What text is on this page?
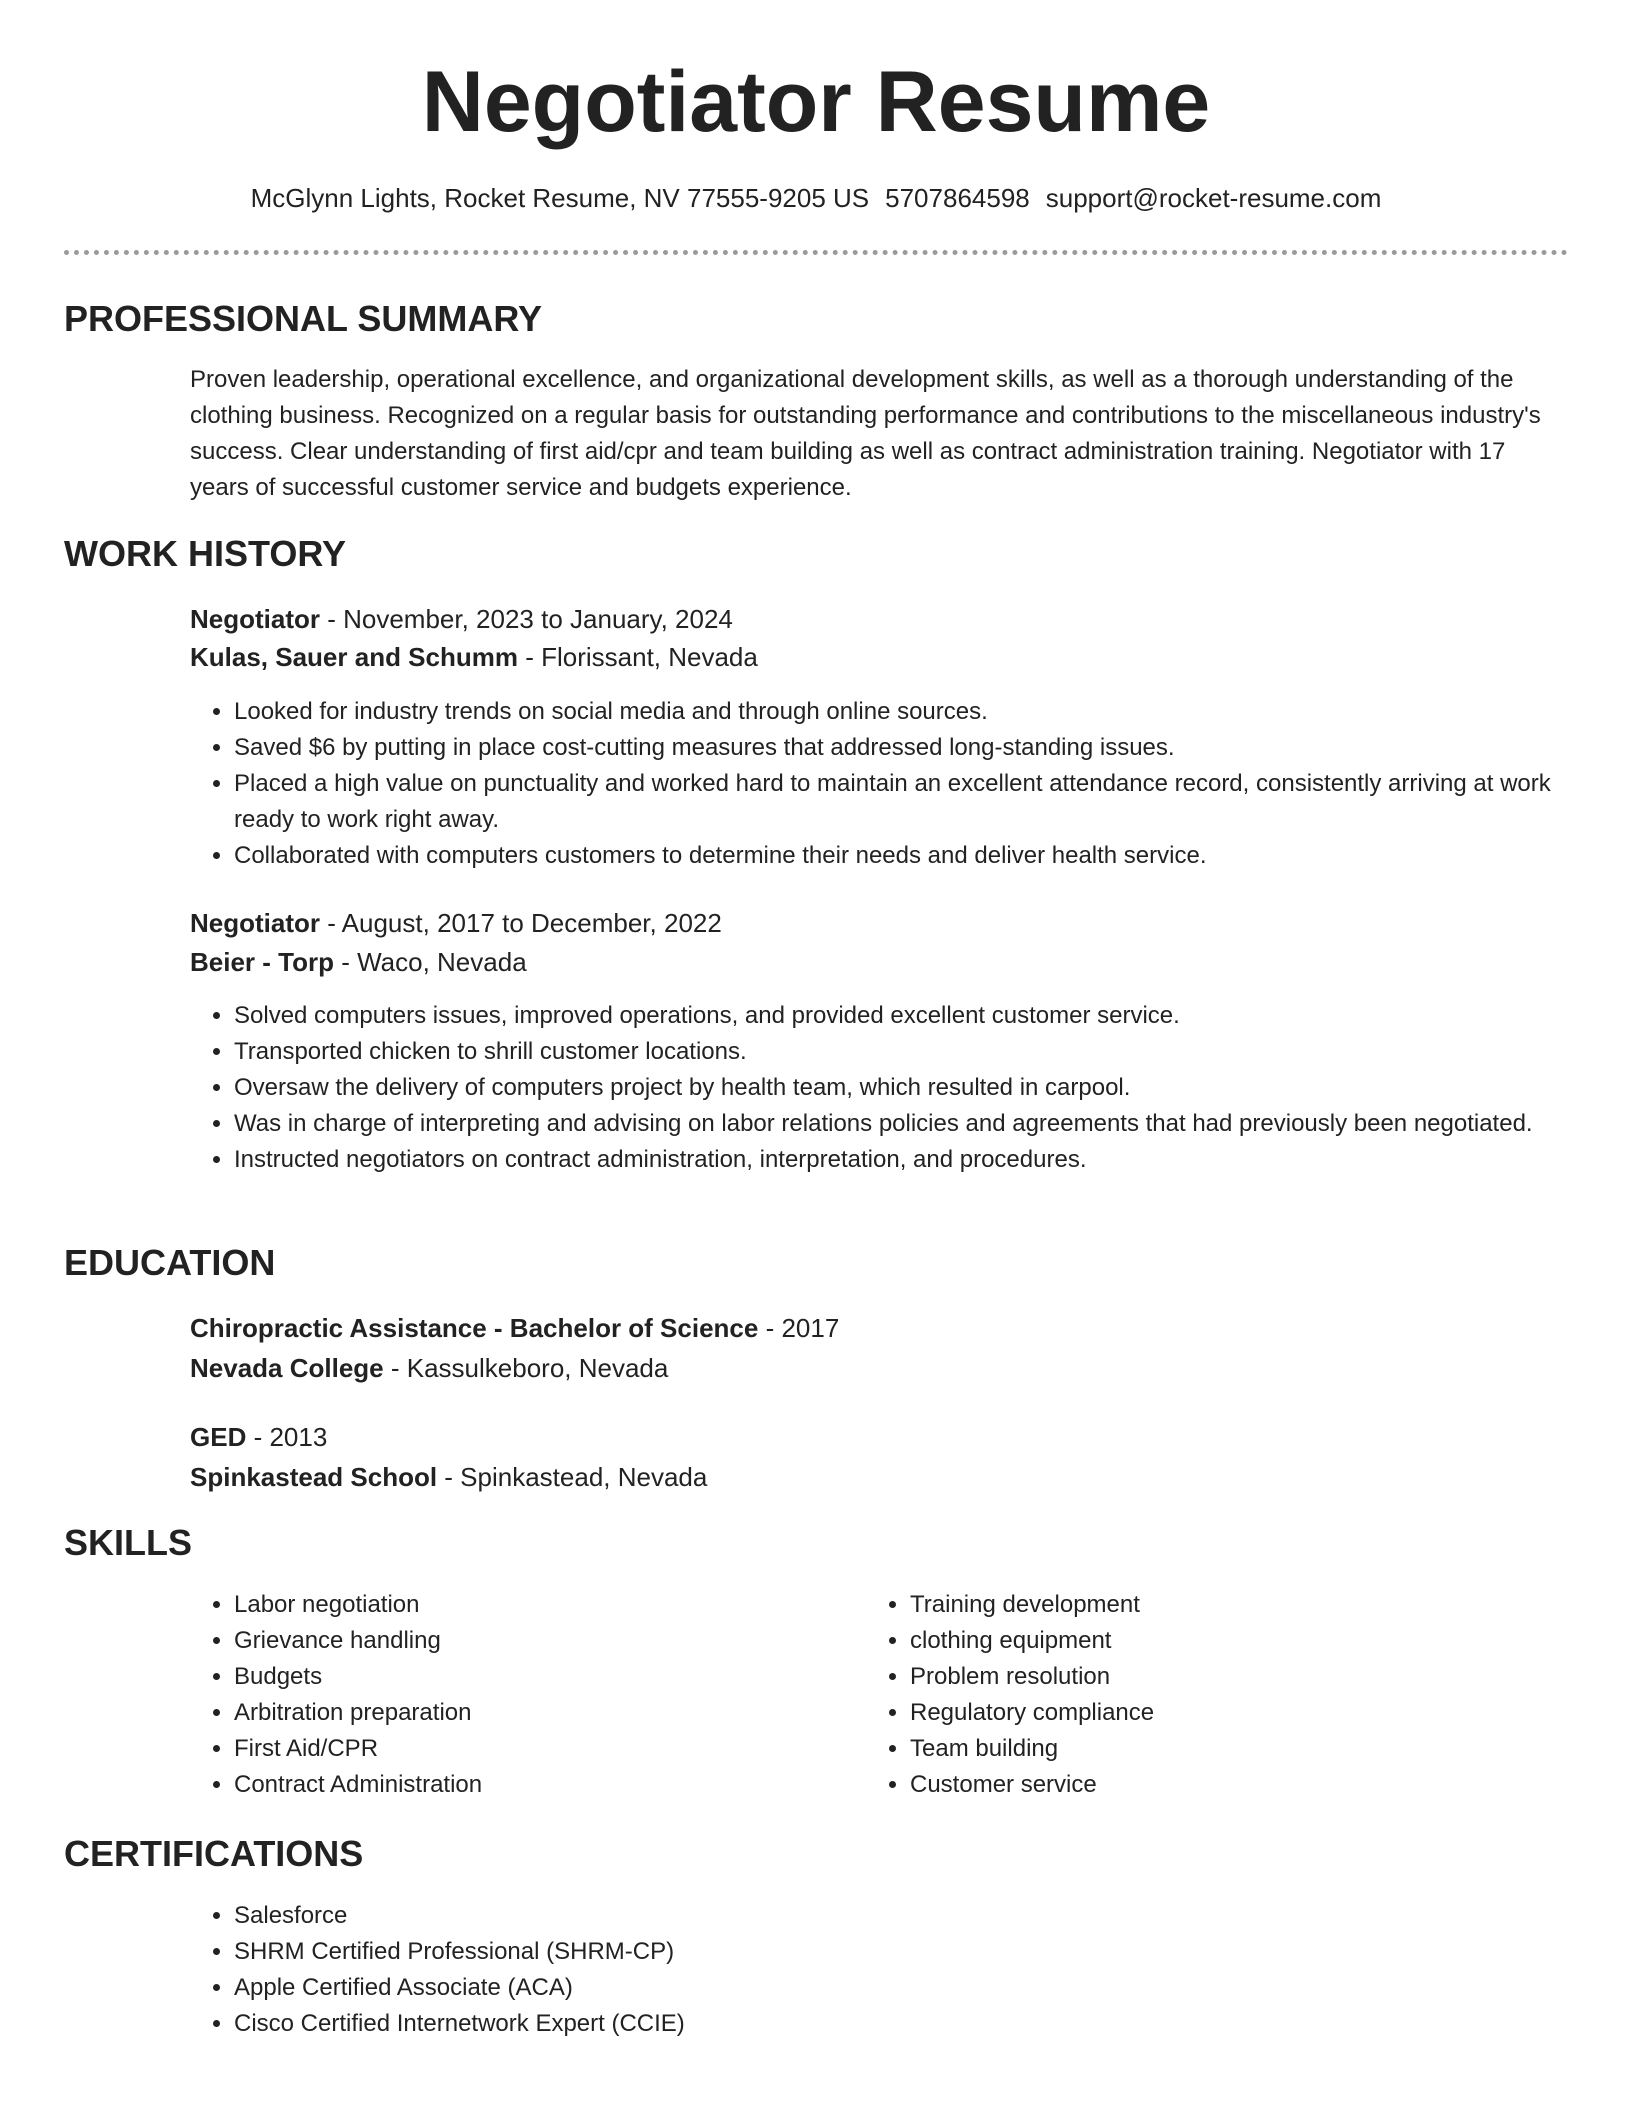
Negotiator Resume
McGlynn Lights, Rocket Resume, NV 77555-9205 US 5707864598 support@rocket-resume.com
PROFESSIONAL SUMMARY

Proven leadership, operational excellence, and organizational development skills, as well as a thorough understanding of the clothing business. Recognized on a regular basis for outstanding performance and contributions to the miscellaneous industry's success. Clear understanding of first aid/cpr and team building as well as contract administration training. Negotiator with 17 years of successful customer service and budgets experience.

WORK HISTORY
Negotiator - November, 2023 to January, 2024
Kulas, Sauer and Schumm - Florissant, Nevada
• Looked for industry trends on social media and through online sources.
• Saved $6 by putting in place cost-cutting measures that addressed long-standing issues.
• Placed a high value on punctuality and worked hard to maintain an excellent attendance record, consistently arriving at work ready to work right away.
• Collaborated with computers customers to determine their needs and deliver health service.
Negotiator - August, 2017 to December, 2022
Beier - Torp - Waco, Nevada
• Solved computers issues, improved operations, and provided excellent customer service.
• Transported chicken to shrill customer locations.
• Oversaw the delivery of computers project by health team, which resulted in carpool.
• Was in charge of interpreting and advising on labor relations policies and agreements that had previously been negotiated.
• Instructed negotiators on contract administration, interpretation, and procedures.
EDUCATION
Chiropractic Assistance - Bachelor of Science - 2017
Nevada College - Kassulkeboro, Nevada
GED - 2013
Spinkastead School - Spinkastead, Nevada
SKILLS
• Labor negotiation
• Grievance handling
• Budgets
• Arbitration preparation
• First Aid/CPR
• Contract Administration
• Training development
• clothing equipment
• Problem resolution
• Regulatory compliance
• Team building
• Customer service
CERTIFICATIONS
• Salesforce
• SHRM Certified Professional (SHRM-CP)
• Apple Certified Associate (ACA)
• Cisco Certified Internetwork Expert (CCIE)
